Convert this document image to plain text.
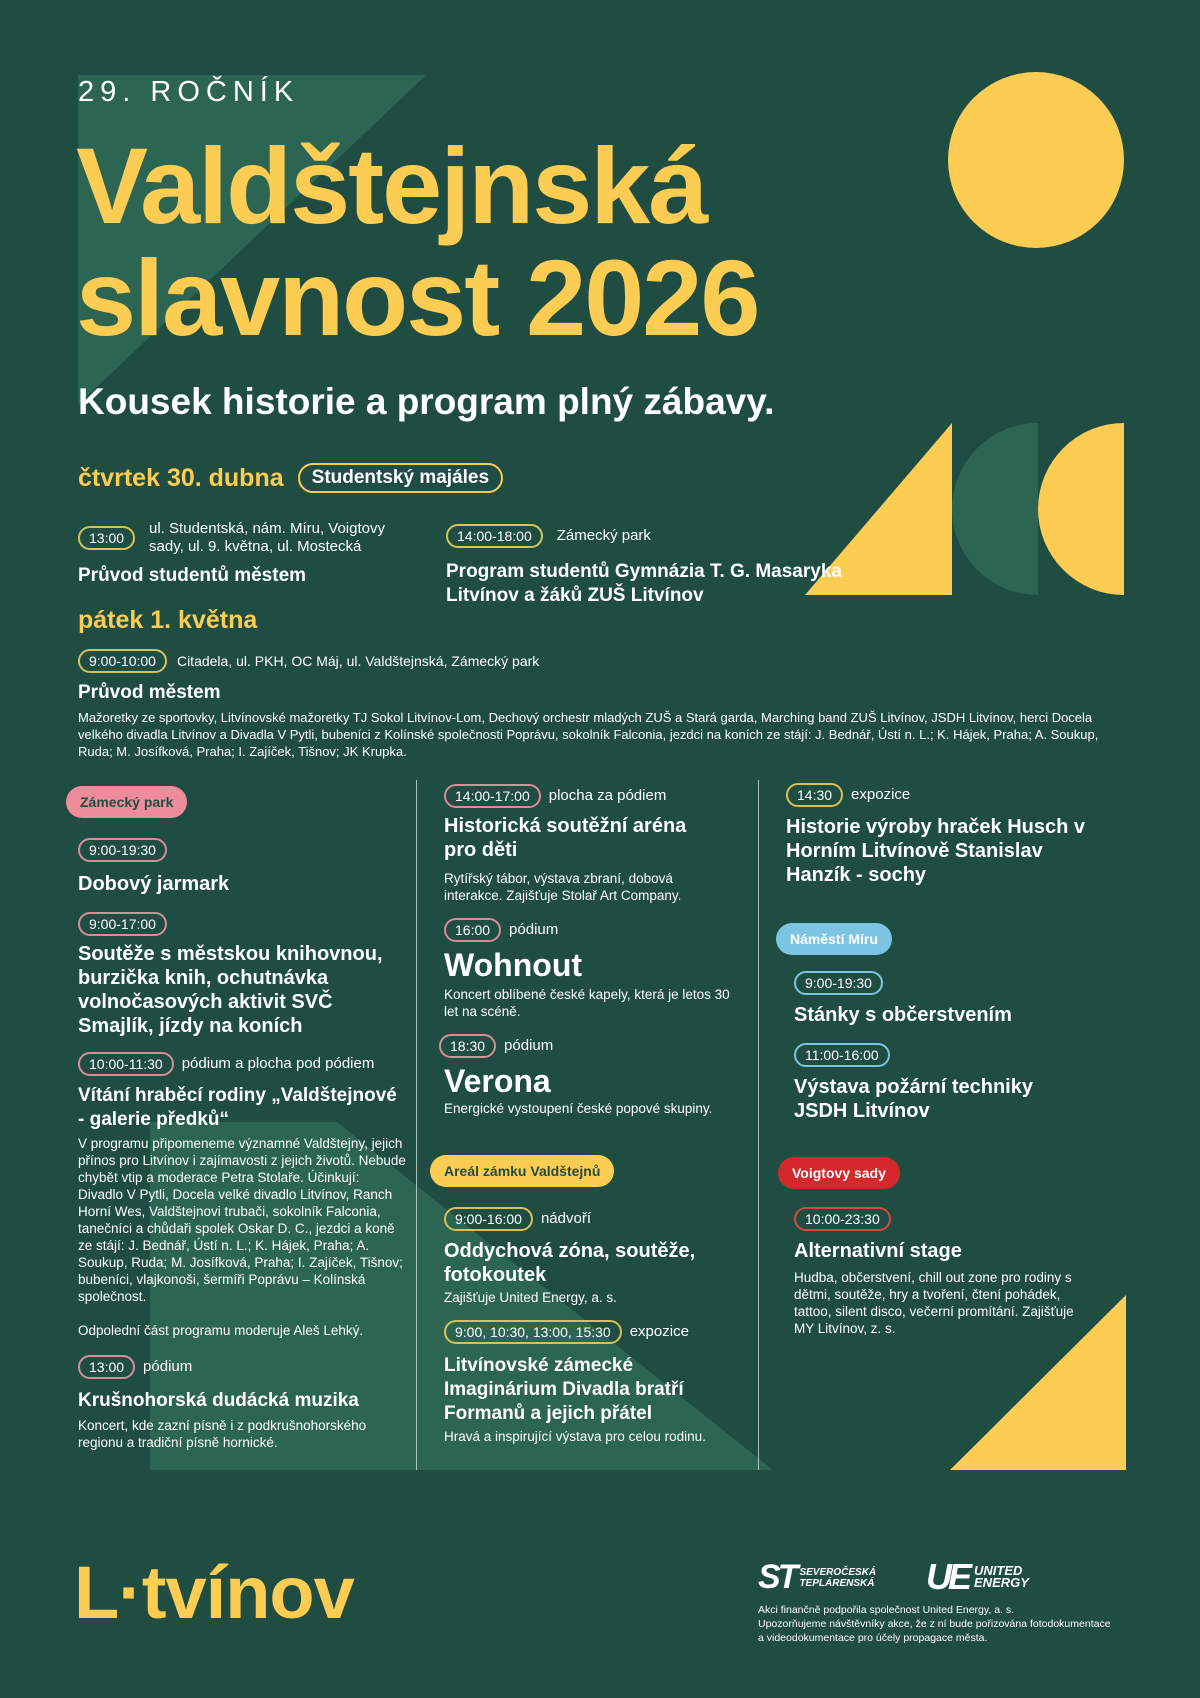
29. ROČNÍK
Valdštejnská
slavnost 2026
Kousek historie a program plný zábavy.
čtvrtek 30. dubna	Studentský majáles
13:00
ul. Studentská, nám. Míru, Voigtovy sady, ul. 9. května, ul. Mostecká
Průvod studentů městem
14:00-18:00	Zámecký park
Program studentů Gymnázia T. G. Masaryka Litvínov a žáků ZUŠ Litvínov
pátek 1. května
9:00-10:00	Citadela, ul. PKH, OC Máj, ul. Valdštejnská, Zámecký park
Průvod městem
Mažoretky ze sportovky, Litvínovské mažoretky TJ Sokol Litvínov-Lom, Dechový orchestr mladých ZUŠ a Stará garda, Marching band ZUŠ Litvínov, JSDH Litvínov, herci Docela velkého divadla Litvínov a Divadla V Pytli, bubeníci z Kolínské společnosti Poprávu, sokolník Falconia, jezdci na koních ze stájí: J. Bednář, Ústí n. L.; K. Hájek, Praha; A. Soukup, Ruda; M. Josífková, Praha; I. Zajíček, Tišnov; JK Krupka.
Zámecký park
9:00-19:30
Dobový jarmark
9:00-17:00
Soutěže s městskou knihovnou, burzička knih, ochutnávka volnočasových aktivit SVČ Smajlík, jízdy na koních
10:00-11:30	pódium a plocha pod pódiem
Vítání hraběcí rodiny „Valdštejnové - galerie předků“
V programu připomeneme významné Valdštejny, jejich přínos pro Litvínov i zajímavosti z jejich životů. Nebude chybět vtip a moderace Petra Stolaře. Účinkují: Divadlo V Pytli, Docela velké divadlo Litvínov, Ranch Horní Wes, Valdštejnovi trubači, sokolník Falconia, tanečníci a chůdaři spolek Oskar D. C., jezdci a koně ze stájí: J. Bednář, Ústí n. L.; K. Hájek, Praha; A. Soukup, Ruda; M. Josífková, Praha; I. Zajíček, Tišnov; bubeníci, vlajkonoši, šermíři Poprávu – Kolínská společnost.
Odpolední část programu moderuje Aleš Lehký.
13:00	pódium
Krušnohorská dudácká muzika
Koncert, kde zazní písně i z podkrušnohorského regionu a tradiční písně hornické.
14:00-17:00	plocha za pódiem
Historická soutěžní aréna pro děti
Rytířský tábor, výstava zbraní, dobová interakce. Zajišťuje Stolař Art Company.
16:00	pódium
Wohnout
Koncert oblíbené české kapely, která je letos 30 let na scéně.
18:30	pódium
Verona
Energické vystoupení české popové skupiny.
Areál zámku Valdštejnů
9:00-16:00	nádvoří
Oddychová zóna, soutěže, fotokoutek
Zajišťuje United Energy, a. s.
9:00, 10:30, 13:00, 15:30	expozice
Litvínovské zámecké Imaginárium Divadla bratří Formanů a jejich přátel
Hravá a inspirující výstava pro celou rodinu.
14:30	expozice
Historie výroby hraček Husch v Horním Litvínově Stanislav Hanzík - sochy
Náměstí Míru
9:00-19:30
Stánky s občerstvením
11:00-16:00
Výstava požární techniky JSDH Litvínov
Voigtovy sady
10:00-23:30
Alternativní stage
Hudba, občerstvení, chill out zone pro rodiny s dětmi, soutěže, hry a tvoření, čtení pohádek, tattoo, silent disco, večerní promítání. Zajišťuje MY Litvínov, z. s.
L·tvínov	ST SEVEROČESKÁ
TEPLÁRENSKÁ UE UNITED
ENERGY
Akci finančně podpořila společnost United Energy, a. s.
Upozorňujeme návštěvníky akce, že z ní bude pořizována fotodokumentace
a videodokumentace pro účely propagace města.
